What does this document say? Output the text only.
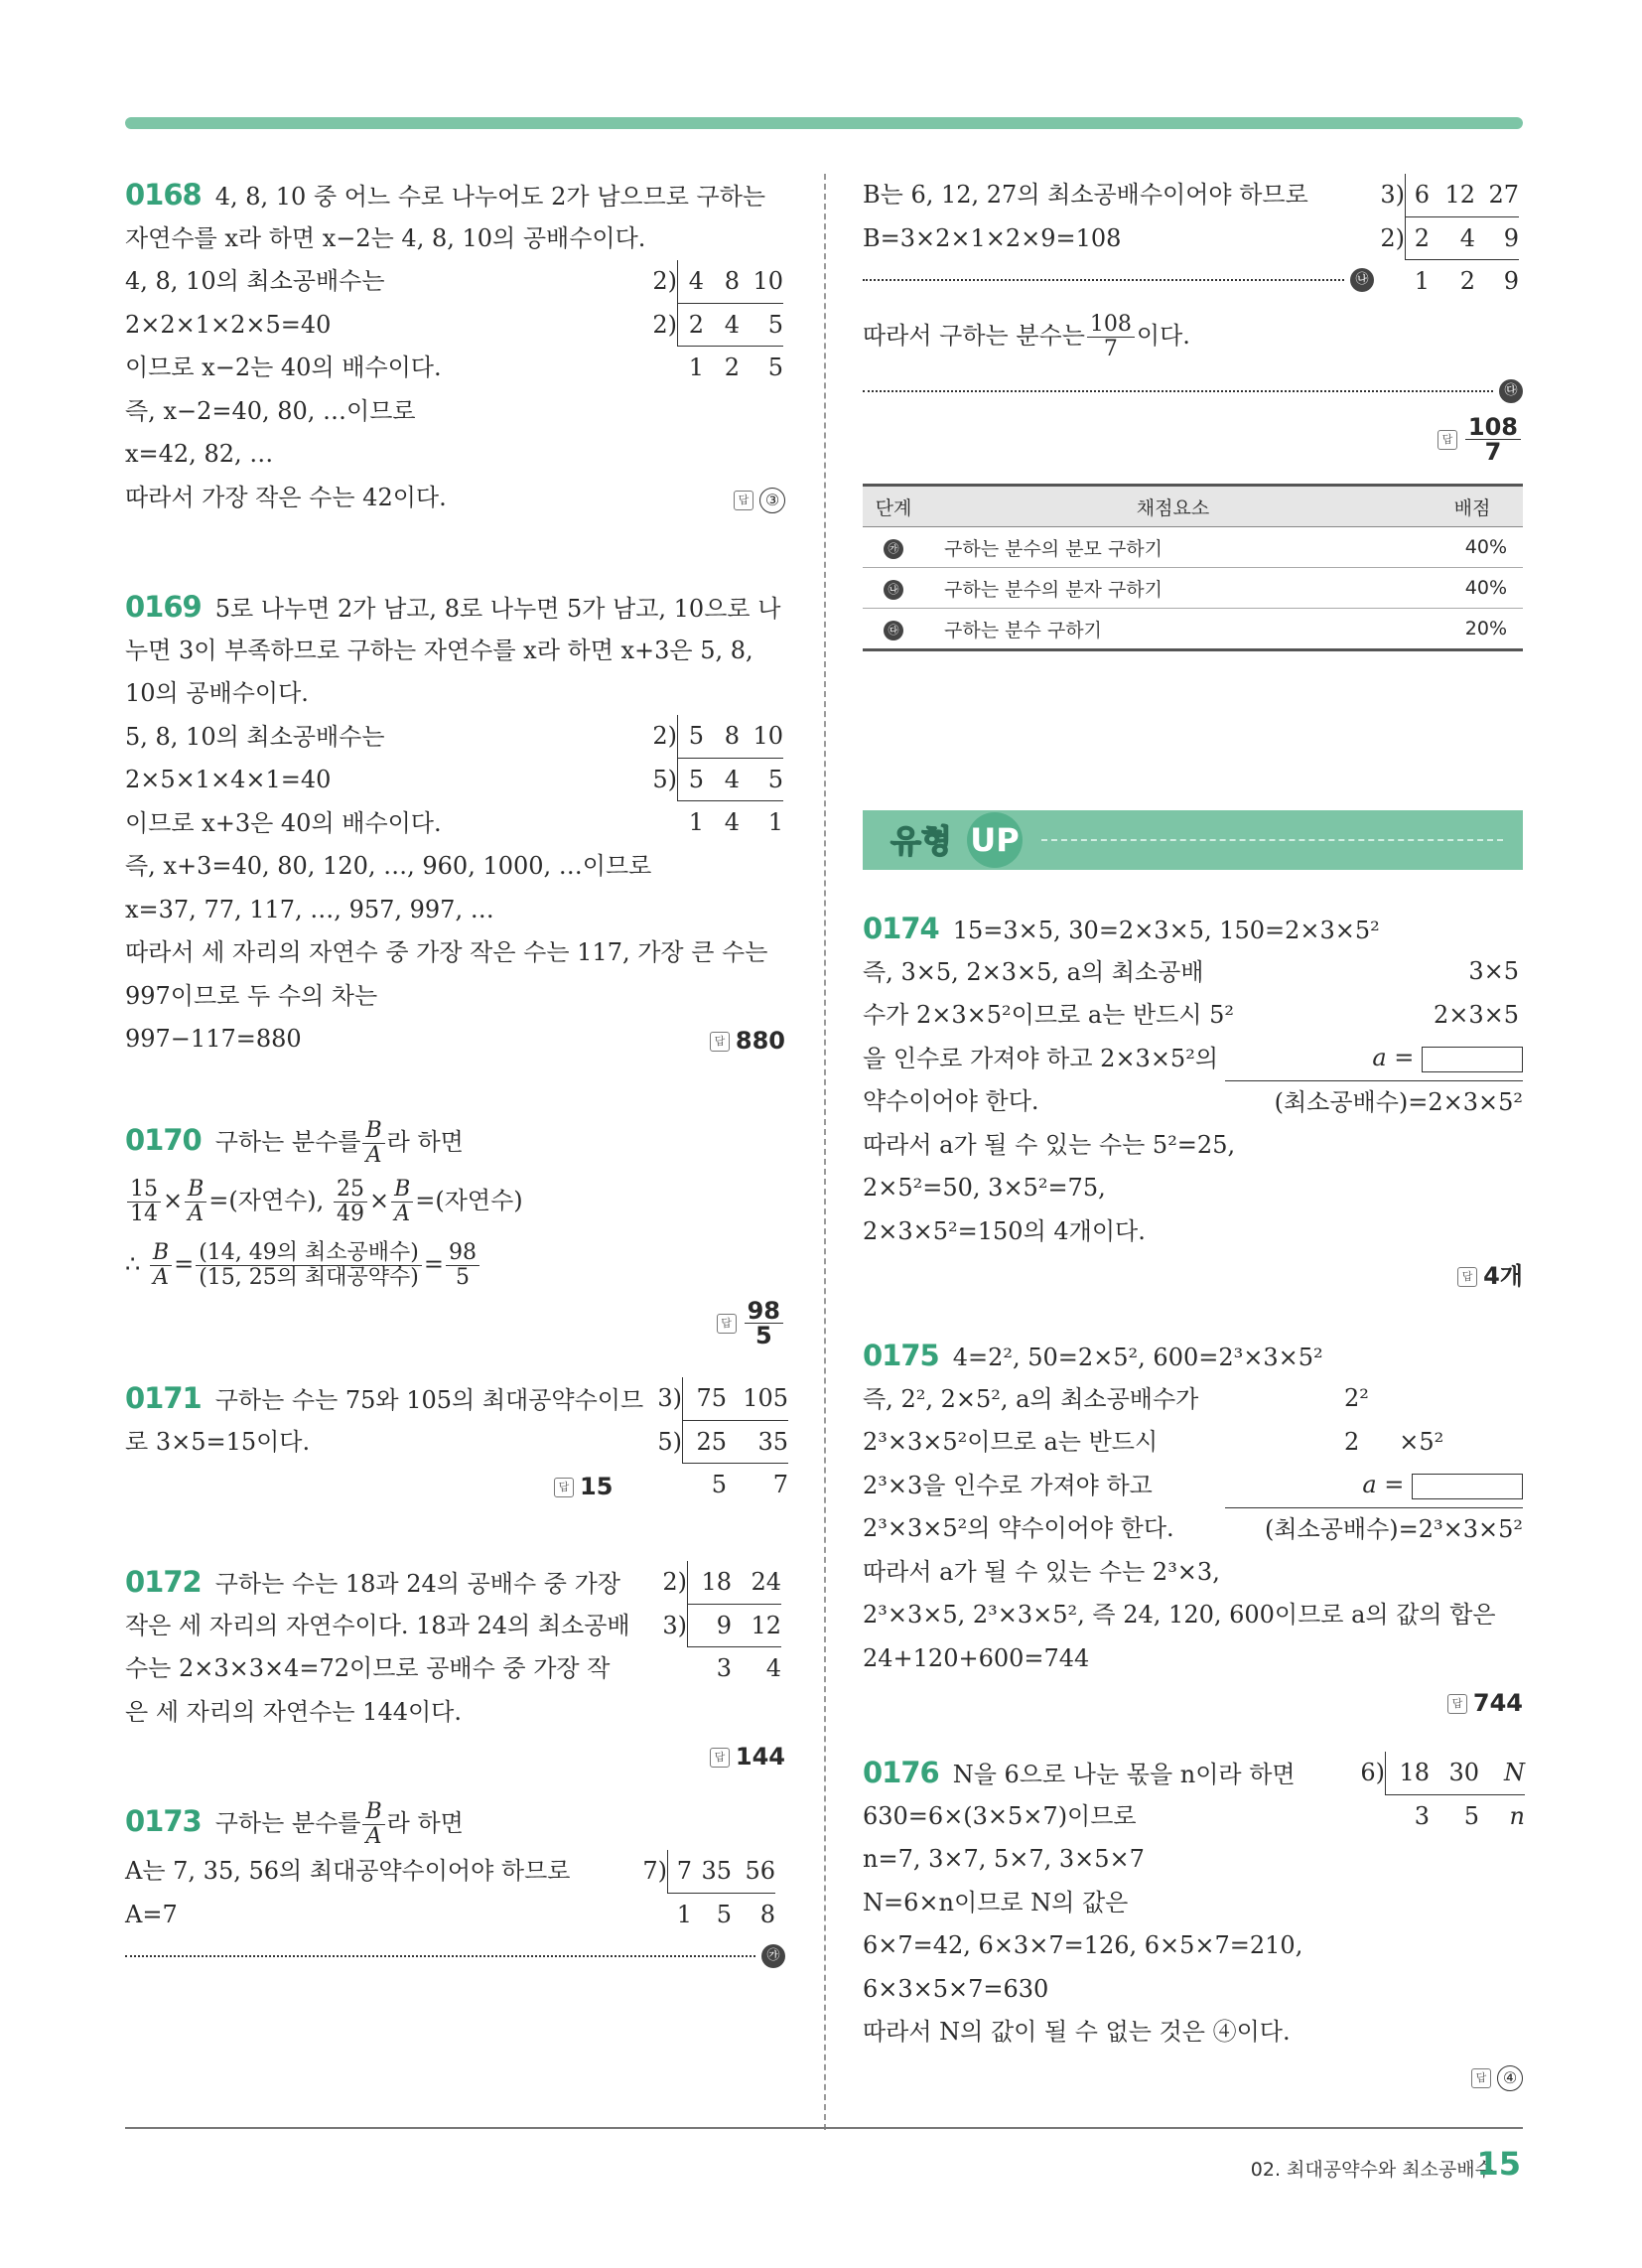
0168 4, 8, 10 중 어느 수로 나누어도 2가 남으므로 구하는
자연수를 x라 하면 x−2는 4, 8, 10의 공배수이다.
4, 8, 10의 최소공배수는
2×2×1×2×5=40
이므로 x−2는 40의 배수이다.
즉, x−2=40, 80, …이므로
x=42, 82, …
따라서 가장 작은 수는 42이다.	답 ③
2) 4 8 10
2) 2 4	5
1 2	5
0169 5로 나누면 2가 남고, 8로 나누면 5가 남고, 10으로 나
누면 3이 부족하므로 구하는 자연수를 x라 하면 x+3은 5, 8,
10의 공배수이다.
5, 8, 10의 최소공배수는
2×5×1×4×1=40
이므로 x+3은 40의 배수이다.
즉, x+3=40, 80, 120, …, 960, 1000, …이므로
x=37, 77, 117, …, 957, 997, …
따라서 세 자리의 자연수 중 가장 작은 수는 117, 가장 큰 수는
997이므로 두 수의 차는
997−117=880	답 880
2) 5 8 10
5) 5 4	5
1 4	1
0170 구하는 분수를 $\frac{B}{A}$ 라 하면
$\frac{15}{14} \times \frac{B}{A}$ =(자연수), $\frac{25}{49} \times \frac{B}{A}$ =(자연수)
∴ $\frac{B}{A} = \frac{\text{(14, 49의 최소공배수)}}{\text{(15, 25의 최대공약수)}} = \frac{98}{5}$
답 $\frac{98}{5}$
0171 구하는 수는 75와 105의 최대공약수이므
로 3×5=15이다.
답 15
3) 75 105
5) 25	35
5	7
0172 구하는 수는 18과 24의 공배수 중 가장
작은 세 자리의 자연수이다. 18과 24의 최소공배
수는 2×3×3×4=72이므로 공배수 중 가장 작
은 세 자리의 자연수는 144이다.
답 144
2) 18 24
3)	9 12
3	4
0173 구하는 분수를 $\frac{B}{A}$ 라 하면
A는 7, 35, 56의 최대공약수이어야 하므로
A=7
㉮
7) 7 35 56
1	5	8
B는 6, 12, 27의 최소공배수이어야 하므로
B=3×2×1×2×9=108
㉯
따라서 구하는 분수는 $\frac{108}{7}$ 이다.
㉰
답 $\frac{108}{7}$
3) 6 12 27
2) 2	4	9
1	2	9
단계	채점요소	배점
㉮	구하는 분수의 분모 구하기	40%
㉯	구하는 분수의 분자 구하기	40%
㉰	구하는 분수 구하기	20%
유형 UP
0174 15=3×5, 30=2×3×5, 150=2×3×5²
즉, 3×5, 2×3×5, a의 최소공배
수가 2×3×5²이므로 a는 반드시 5²
을 인수로 가져야 하고 2×3×5²의
약수이어야 한다.
따라서 a가 될 수 있는 수는 5²=25,
2×5²=50, 3×5²=75,
2×3×5²=150의 4개이다.
답 4개
3×5
2×3×5
a =
(최소공배수)=2×3×5²
0175 4=2², 50=2×5², 600=2³×3×5²
즉, 2², 2×5², a의 최소공배수가
2³×3×5²이므로 a는 반드시
2³×3을 인수로 가져야 하고
2³×3×5²의 약수이어야 한다.
따라서 a가 될 수 있는 수는 2³×3,
2³×3×5, 2³×3×5², 즉 24, 120, 600이므로 a의 값의 합은
24+120+600=744
답 744
2²
2 ×5²
a =
(최소공배수)=2³×3×5²
0176 N을 6으로 나눈 몫을 n이라 하면
630=6×(3×5×7)이므로
n=7, 3×7, 5×7, 3×5×7
N=6×n이므로 N의 값은
6×7=42, 6×3×7=126, 6×5×7=210,
6×3×5×7=630
따라서 N의 값이 될 수 없는 것은 ④이다.
답 ④
6) 18 30	N
3	5	n
02. 최대공약수와 최소공배수
15
